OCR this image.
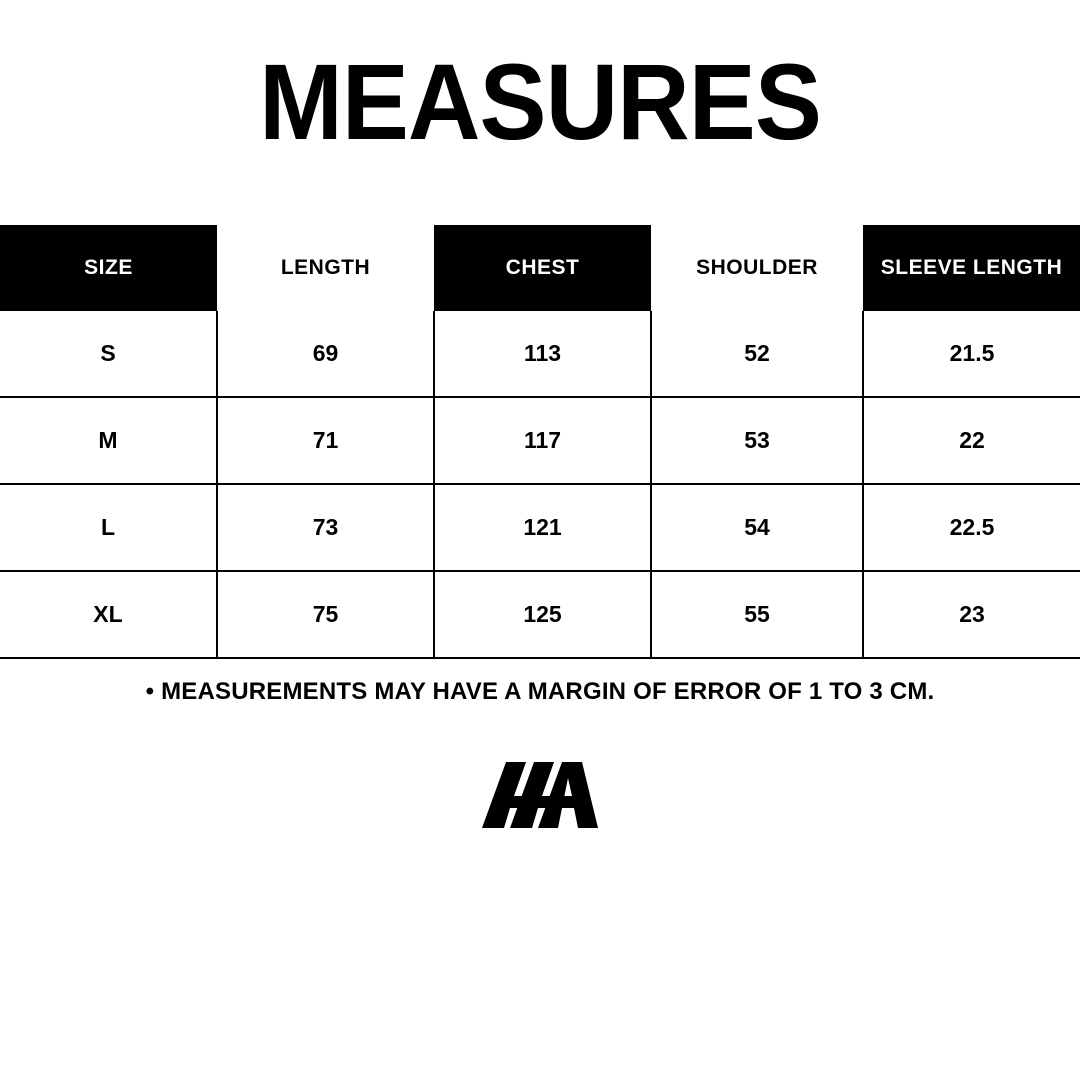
MEASURES
SIZE	LENGTH	CHEST	SHOULDER	SLEEVE LENGTH
S	69	113	52	21.5
M	71	117	53	22
L	73	121	54	22.5
XL	75	125	55	23
• MEASUREMENTS MAY HAVE A MARGIN OF ERROR OF 1 TO 3 CM.
